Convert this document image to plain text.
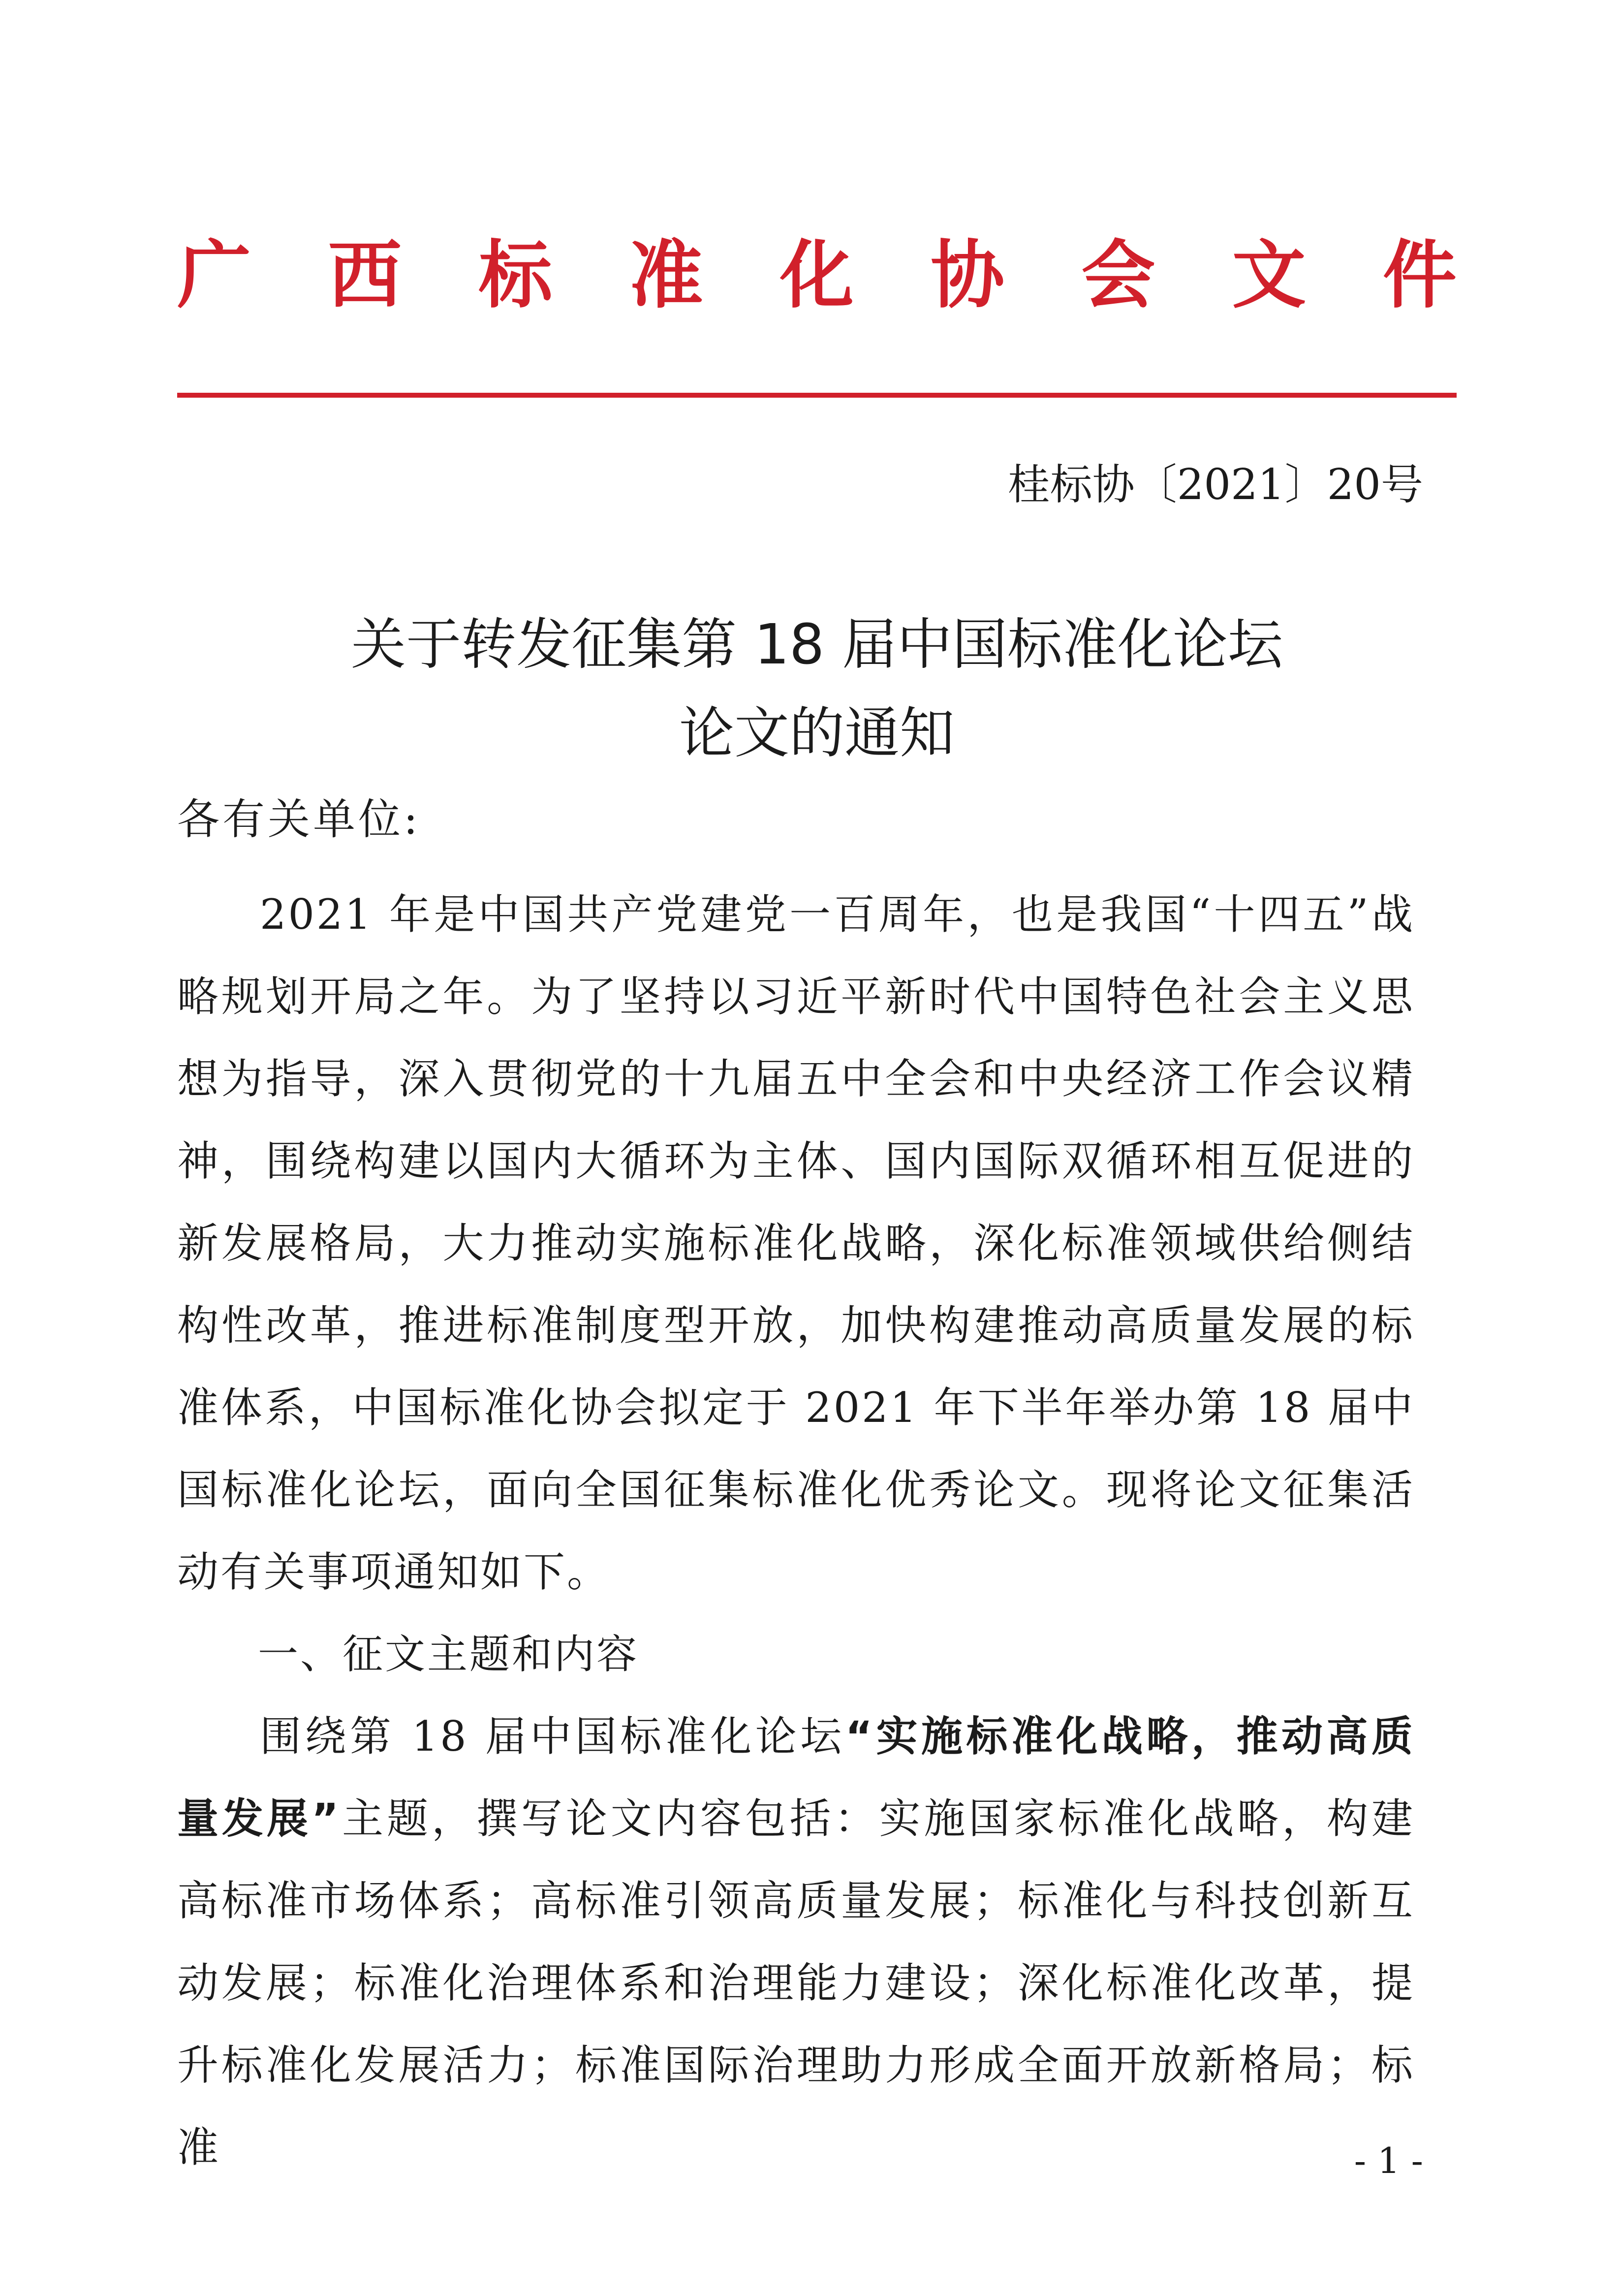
广 西 标 准 化 协 会 文 件
桂标协〔2021〕20号
关于转发征集第 18 届中国标准化论坛
论文的通知
各有关单位:

2021 年是中国共产党建党一百周年，也是我国“十四五”战略规划开局之年。为了坚持以习近平新时代中国特色社会主义思想为指导，深入贯彻党的十九届五中全会和中央经济工作会议精神，围绕构建以国内大循环为主体、国内国际双循环相互促进的新发展格局，大力推动实施标准化战略，深化标准领域供给侧结构性改革，推进标准制度型开放，加快构建推动高质量发展的标准体系，中国标准化协会拟定于 2021 年下半年举办第 18 届中国标准化论坛，面向全国征集标准化优秀论文。现将论文征集活动有关事项通知如下。

一、征文主题和内容

围绕第 18 届中国标准化论坛“实施标准化战略，推动高质量发展”主题，撰写论文内容包括：实施国家标准化战略，构建高标准市场体系；高标准引领高质量发展；标准化与科技创新互动发展；标准化治理体系和治理能力建设；深化标准化改革，提升标准化发展活力；标准国际治理助力形成全面开放新格局；标准	- 1 -
